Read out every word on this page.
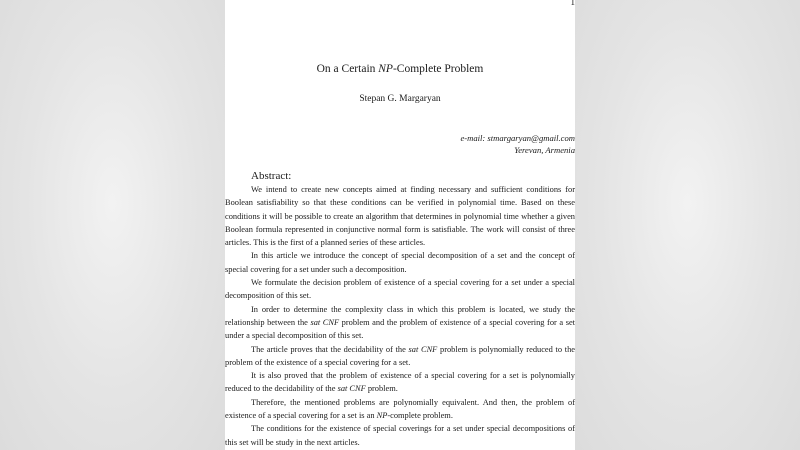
1
On a Certain NP-Complete Problem
Stepan G. Margaryan
e-mail: stmargaryan@gmail.com
Yerevan, Armenia
Abstract:

We intend to create new concepts aimed at finding necessary and sufficient conditions for Boolean satisfiability so that these conditions can be verified in polynomial time. Based on these conditions it will be possible to create an algorithm that determines in polynomial time whether a given Boolean formula represented in conjunctive normal form is satisfiable. The work will consist of three articles. This is the first of a planned series of these articles.

In this article we introduce the concept of special decomposition of a set and the concept of special covering for a set under such a decomposition.

We formulate the decision problem of existence of a special covering for a set under a special decomposition of this set.

In order to determine the complexity class in which this problem is located, we study the relationship between the sat CNF problem and the problem of existence of a special covering for a set under a special decomposition of this set.

The article proves that the decidability of the sat CNF problem is polynomially reduced to the problem of the existence of a special covering for a set.

It is also proved that the problem of existence of a special covering for a set is polynomially reduced to the decidability of the sat CNF problem.

Therefore, the mentioned problems are polynomially equivalent. And then, the problem of existence of a special covering for a set is an NP-complete problem.

The conditions for the existence of special coverings for a set under special decompositions of this set will be study in the next articles.
